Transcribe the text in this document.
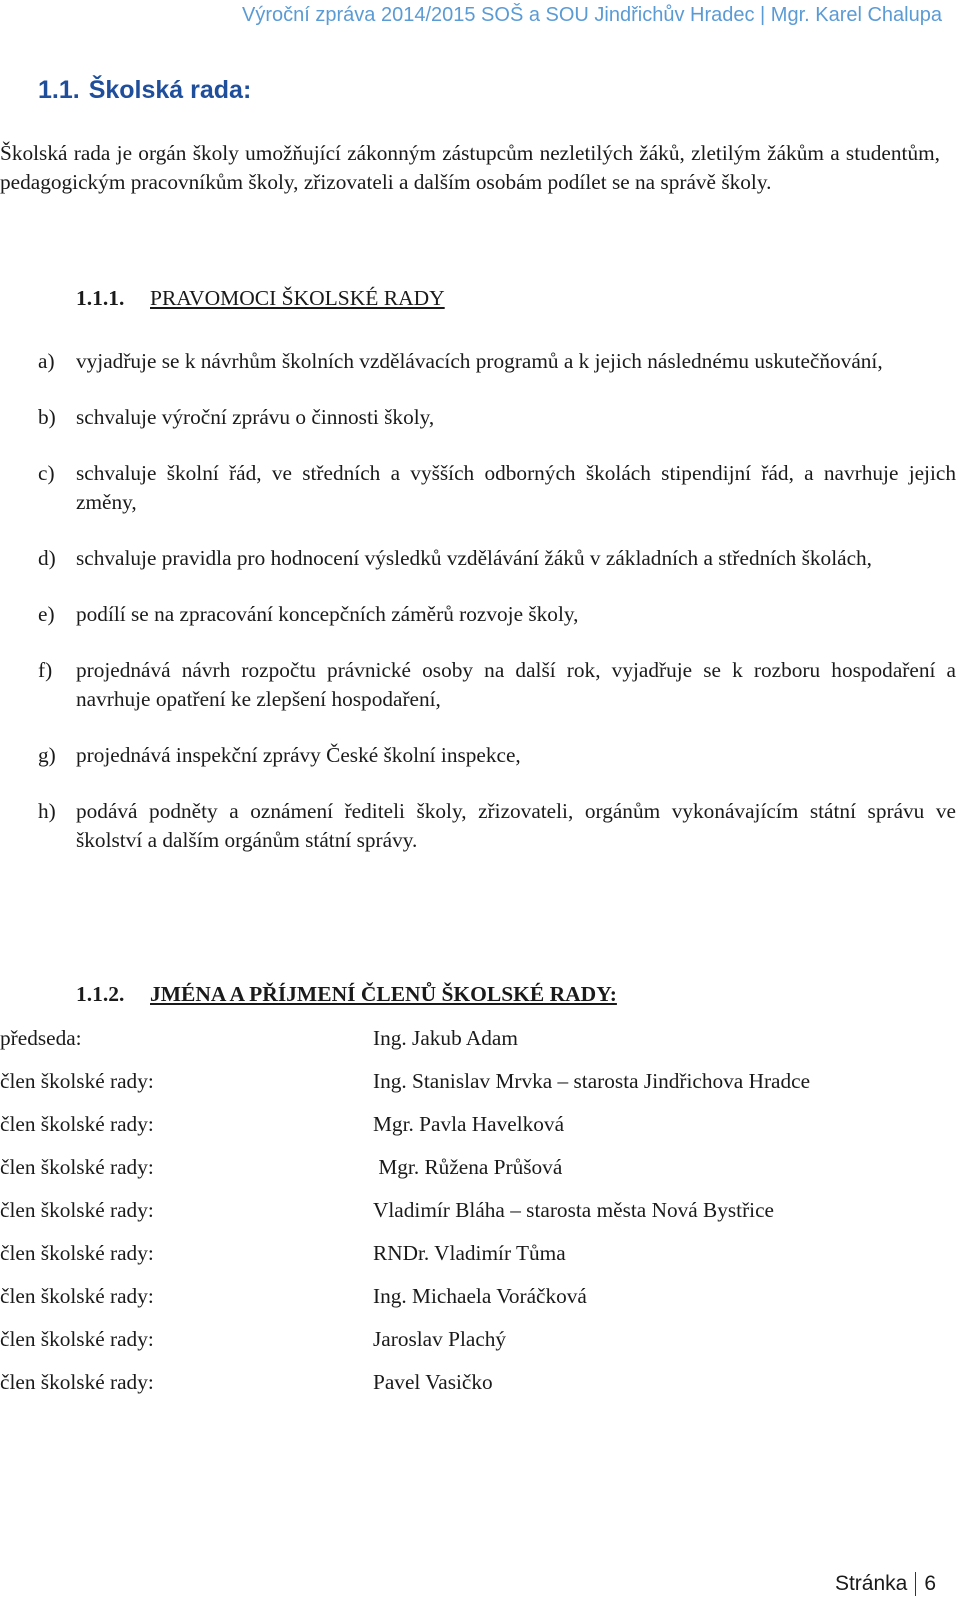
Výroční zpráva 2014/2015 SOŠ a SOU Jindřichův Hradec | Mgr. Karel Chalupa
1.1. Školská rada:
Školská rada je orgán školy umožňující zákonným zástupcům nezletilých žáků, zletilým žákům a studentům, pedagogickým pracovníkům školy, zřizovateli a dalším osobám podílet se na správě školy.
1.1.1. PRAVOMOCI ŠKOLSKÉ RADY
a) vyjadřuje se k návrhům školních vzdělávacích programů a k jejich následnému uskutečňování,
b) schvaluje výroční zprávu o činnosti školy,
c) schvaluje školní řád, ve středních a vyšších odborných školách stipendijní řád, a navrhuje jejich změny,
d) schvaluje pravidla pro hodnocení výsledků vzdělávání žáků v základních a středních školách,
e) podílí se na zpracování koncepčních záměrů rozvoje školy,
f) projednává návrh rozpočtu právnické osoby na další rok, vyjadřuje se k rozboru hospodaření a navrhuje opatření ke zlepšení hospodaření,
g) projednává inspekční zprávy České školní inspekce,
h) podává podněty a oznámení řediteli školy, zřizovateli, orgánům vykonávajícím státní správu ve školství a dalším orgánům státní správy.
1.1.2. JMÉNA A PŘÍJMENÍ ČLENŮ ŠKOLSKÉ RADY:
předseda:	Ing. Jakub Adam
člen školské rady:	Ing. Stanislav Mrvka – starosta Jindřichova Hradce
člen školské rady:	Mgr. Pavla Havelková
člen školské rady:	Mgr. Růžena Průšová
člen školské rady:	Vladimír Bláha – starosta města Nová Bystřice
člen školské rady:	RNDr. Vladimír Tůma
člen školské rady:	Ing. Michaela Voráčková
člen školské rady:	Jaroslav Plachý
člen školské rady:	Pavel Vasičko
Stránka 6
